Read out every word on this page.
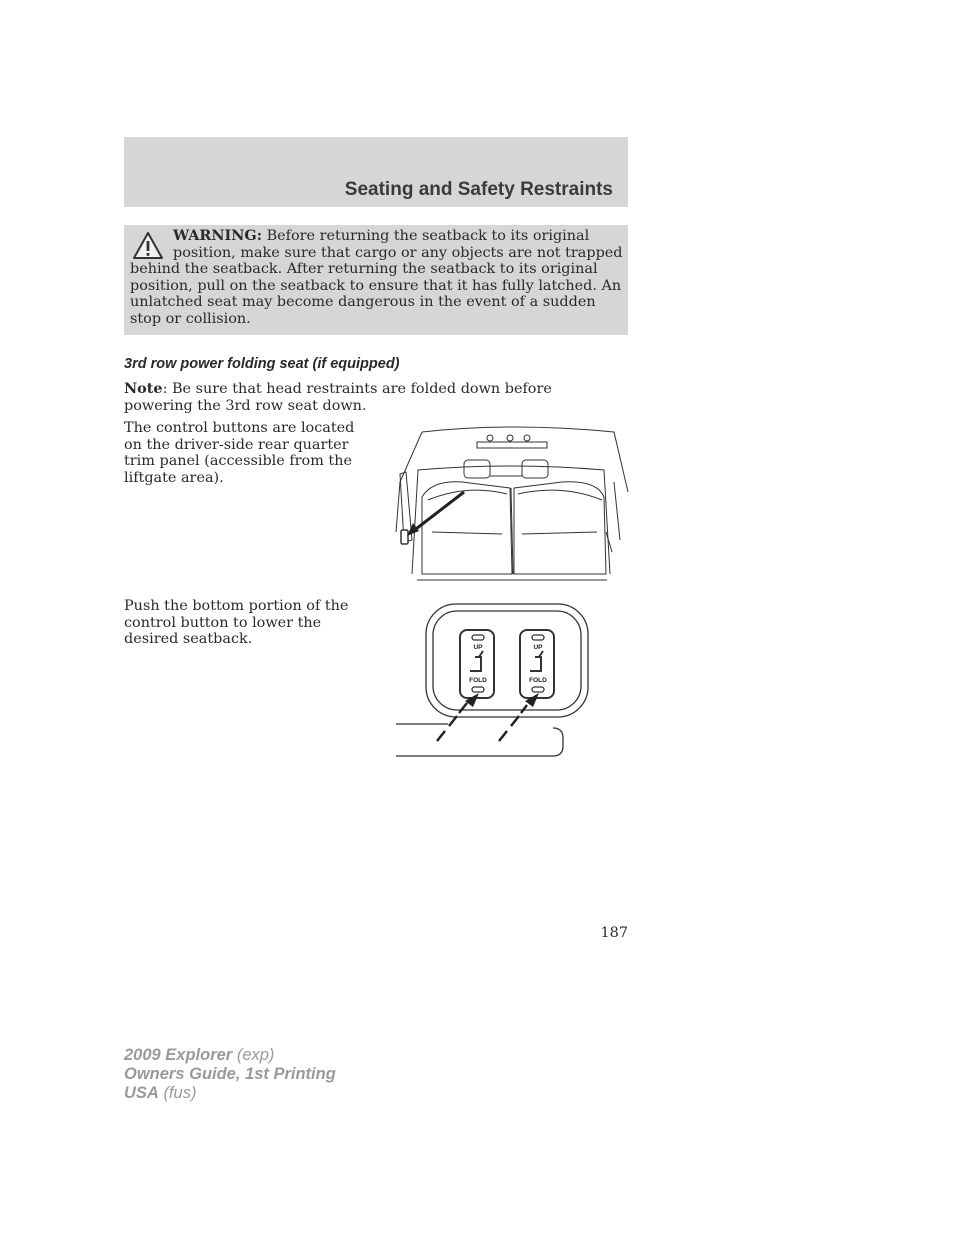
Seating and Safety Restraints
WARNING: Before returning the seatback to its original
position, make sure that cargo or any objects are not trapped
behind the seatback. After returning the seatback to its original position, pull on the seatback to ensure that it has fully latched. An unlatched seat may become dangerous in the event of a sudden stop or collision.
3rd row power folding seat (if equipped)
Note: Be sure that head restraints are folded down before powering the 3rd row seat down.
The control buttons are located on the driver-side rear quarter trim panel (accessible from the liftgate area).
Push the bottom portion of the control button to lower the desired seatback.
UP
FOLD
UP
FOLD
187
2009 Explorer (exp)
Owners Guide, 1st Printing
USA (fus)
